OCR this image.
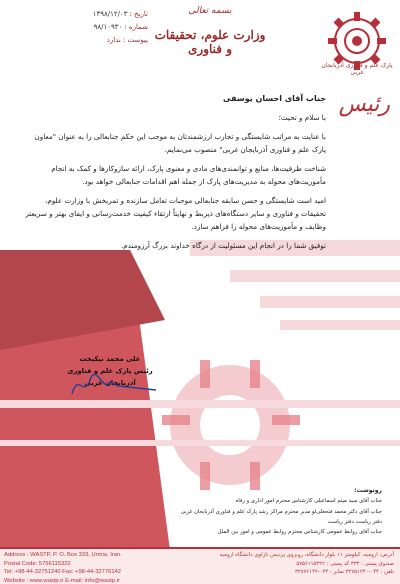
تاریخ :
۱۳۹۸/۱۲/۰۳
شماره :
۹۸/۱۰۹۳۰
پیوست : ندارد
بسمه تعالی
وزارت علوم، تحقیقات و فناوری
پارک علم و فناوری آذربایجان غربی
رئیس
جناب آقای احسان یوسفی
با سلام و تحیت؛
با عنایت به مراتب شایستگی و تجارب ارزشمندتان به موجب این حکم جنابعالی را به عنوان "معاون پارک علم و فناوری آذربایجان غربی" منصوب می‌نمایم.
شناخت ظرفیت‌ها، منابع و توانمندی‌های مادی و معنوی پارک، ارائه سازوکارها و کمک به انجام مأموریت‌های محوله به مدیریت‌های پارک از جمله اهم اقدامات جنابعالی خواهد بود.
امید است شایستگی و حسن سابقه جنابعالی موجبات تعامل سازنده و تمربخش با وزارت علوم، تحقیقات و فناوری و سایر دستگاه‌های ذیربط و نهایتاً ارتقاء کیفیت خدمت‌رسانی و ایفای بهتر و سریعتر وظایف و مأموریت‌های محوله را فراهم سازد.
توفیق شما را در انجام این مسئولیت از درگاه خداوند بزرگ آرزومندم.
علی محمد نیکبخت
رئیس پارک علم و فناوری آذربایجان غربی
رونوشت:
جناب آقای سید میثم اسماعیلی کارشناس محترم امور اداری و رفاه
جناب آقای دکتر محمد فتحعلی‌لو مدیر محترم مراکز رشد پارک علم و فناوری آذربایجان غربی
دفتر ریاست دفتر ریاست
جناب آقای روابط عمومی کارشناس محترم روابط عمومی و امور بین الملل
Address : WASTP, P. O. Box 333, Urmia, Iran.
Postal Code: 5756115322
Tel: +98-44-32751240 Fax: +98-44-32776142
Website : www.wastp.ir E-mail: info@wastp.ir
آدرس: ارومیه، کیلومتر ۱۱ بلوار دانشگاه، روبروی پردیس نازلوی دانشگاه ارومیه
صندوق پستی : ۳۳۳ کد پستی : ۵۷۵۶۱۱۵۳۲۲
تلفن : ۰۴۴-۳۲۷۵۱۲۴۰ نمابر : ۰۴۴-۳۲۷۷۶۱۴۲
